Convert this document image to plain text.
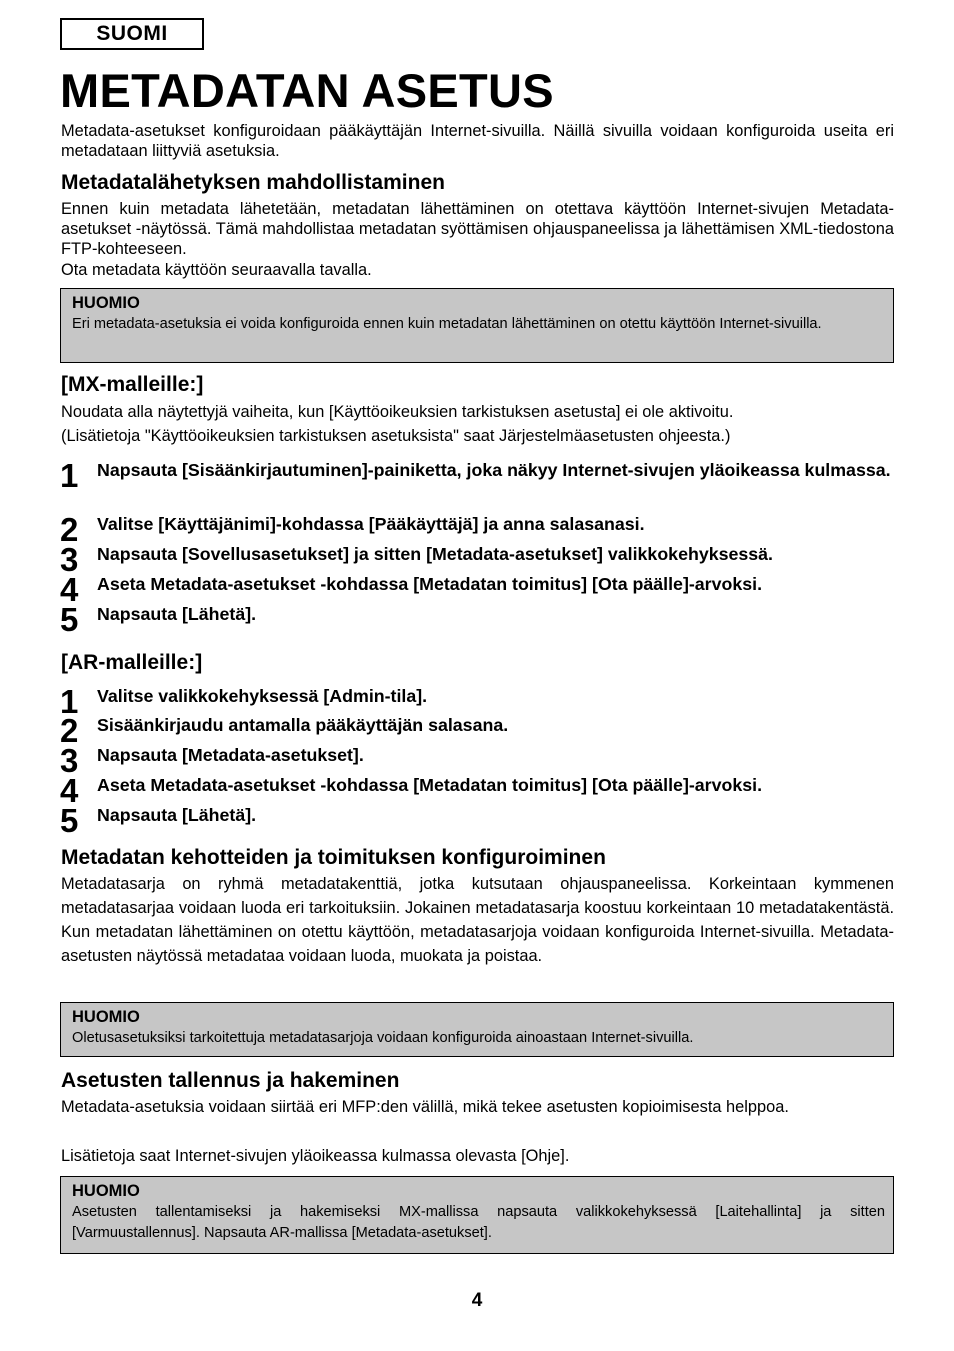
SUOMI
METADATAN ASETUS

Metadata-asetukset konfiguroidaan pääkäyttäjän Internet-sivuilla. Näillä sivuilla voidaan konfiguroida useita eri metadataan liittyviä asetuksia.

Metadatalähetyksen mahdollistaminen

Ennen kuin metadata lähetetään, metadatan lähettäminen on otettava käyttöön Internet-sivujen Metadata-asetukset -näytössä. Tämä mahdollistaa metadatan syöttämisen ohjauspaneelissa ja lähettämisen XML-tiedostona FTP-kohteeseen.

Ota metadata käyttöön seuraavalla tavalla.

HUOMIO
Eri metadata-asetuksia ei voida konfiguroida ennen kuin metadatan lähettäminen on otettu käyttöön Internet-sivuilla.
[MX-malleille:]

Noudata alla näytettyjä vaiheita, kun [Käyttöoikeuksien tarkistuksen asetusta] ei ole aktivoitu.

(Lisätietoja "Käyttöoikeuksien tarkistuksen asetuksista" saat Järjestelmäasetusten ohjeesta.)

1 Napsauta [Sisäänkirjautuminen]-painiketta, joka näkyy Internet-sivujen yläoikeassa kulmassa.
2 Valitse [Käyttäjänimi]-kohdassa [Pääkäyttäjä] ja anna salasanasi.
3 Napsauta [Sovellusasetukset] ja sitten [Metadata-asetukset] valikkokehyksessä.
4 Aseta Metadata-asetukset -kohdassa [Metadatan toimitus] [Ota päälle]-arvoksi.
5 Napsauta [Lähetä].
[AR-malleille:]
1 Valitse valikkokehyksessä [Admin-tila].
2 Sisäänkirjaudu antamalla pääkäyttäjän salasana.
3 Napsauta [Metadata-asetukset].
4 Aseta Metadata-asetukset -kohdassa [Metadatan toimitus] [Ota päälle]-arvoksi.
5 Napsauta [Lähetä].
Metadatan kehotteiden ja toimituksen konfiguroiminen

Metadatasarja on ryhmä metadatakenttiä, jotka kutsutaan ohjauspaneelissa. Korkeintaan kymmenen metadatasarjaa voidaan luoda eri tarkoituksiin. Jokainen metadatasarja koostuu korkeintaan 10 metadatakentästä. Kun metadatan lähettäminen on otettu käyttöön, metadatasarjoja voidaan konfiguroida Internet-sivuilla. Metadata-asetusten näytössä metadataa voidaan luoda, muokata ja poistaa.

HUOMIO
Oletusasetuksiksi tarkoitettuja metadatasarjoja voidaan konfiguroida ainoastaan Internet-sivuilla.
Asetusten tallennus ja hakeminen

Metadata-asetuksia voidaan siirtää eri MFP:den välillä, mikä tekee asetusten kopioimisesta helppoa.

Lisätietoja saat Internet-sivujen yläoikeassa kulmassa olevasta [Ohje].

HUOMIO
Asetusten tallentamiseksi ja hakemiseksi MX-mallissa napsauta valikkokehyksessä [Laitehallinta] ja sitten [Varmuustallennus]. Napsauta AR-mallissa [Metadata-asetukset].
4
